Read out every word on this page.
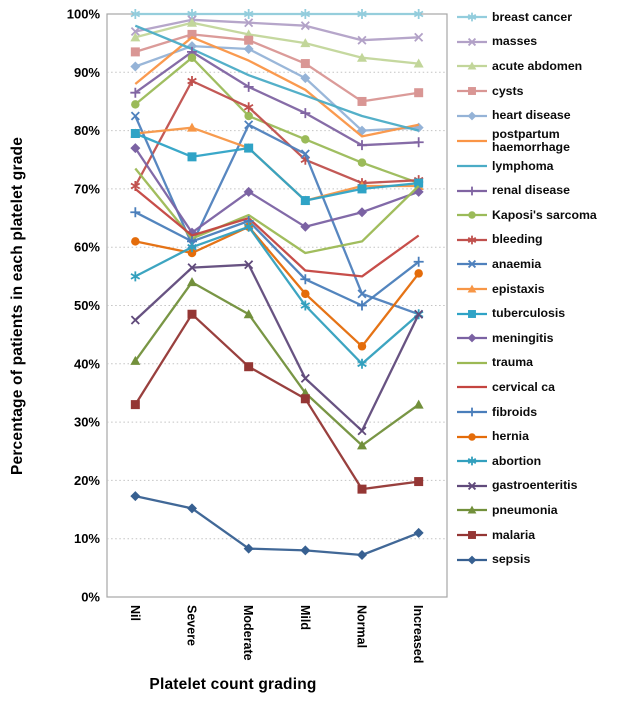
0%
10%
20%
30%
40%
50%
60%
70%
80%
90%
100%
Nil	Severe	Moderate	Mild	Normal	Increased
Percentage of patients in each platelet grade
Platelet count grading
breast cancer
masses
acute abdomen
cysts
heart disease
postpartum haemorrhage
lymphoma
renal disease
Kaposi's sarcoma
bleeding
anaemia
epistaxis
tuberculosis
meningitis
trauma
cervical ca
fibroids
hernia
abortion
gastroenteritis
pneumonia
malaria
sepsis
